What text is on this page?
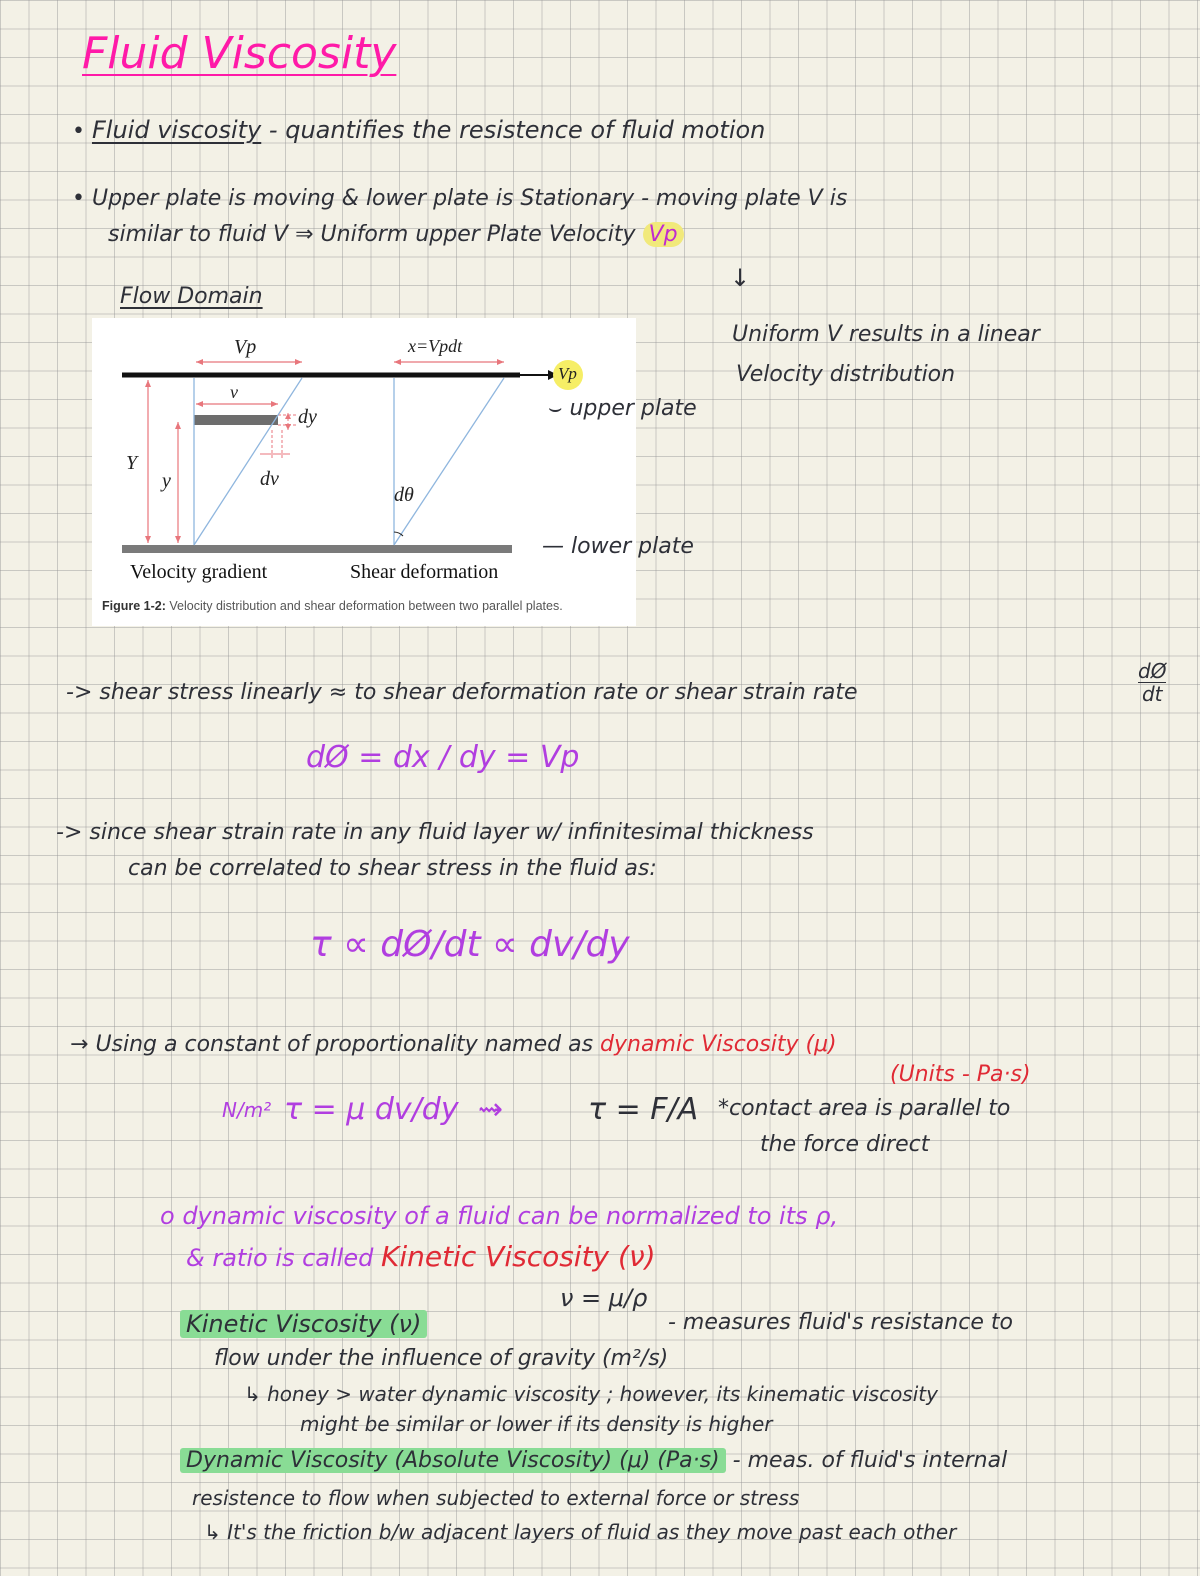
Fluid Viscosity
• Fluid viscosity - quantifies the resistence of fluid motion
• Upper plate is moving & lower plate is Stationary - moving plate V is
similar to fluid V ⇒ Uniform upper Plate Velocity Vp
Flow Domain
↓
Uniform V results in a linear
Velocity distribution
Vp	x=Vpdt
v
dy
Y
y	dv
dθ
Vp
Velocity gradient	Shear deformation
Figure 1-2: Velocity distribution and shear deformation between two parallel plates.
⌣ upper plate
— lower plate
-> shear stress linearly ≈ to shear deformation rate or shear strain rate	$\frac{dØ}{dt}$
dØ = dx / dy = Vp
-> since shear strain rate in any fluid layer w/ infinitesimal thickness
can be correlated to shear stress in the fluid as:
τ ∝ dØ/dt ∝ dv/dy
→ Using a constant of proportionality named as dynamic Viscosity (μ)
(Units - Pa·s)
N/m² τ = μ dv/dy ⇝	τ = F/A *contact area is parallel to
the force direct
o dynamic viscosity of a fluid can be normalized to its ρ,
& ratio is called Kinetic Viscosity (ν)
Kinetic Viscosity (ν)
ν = μ/ρ
- measures fluid's resistance to
flow under the influence of gravity (m²/s)
↳ honey > water dynamic viscosity ; however, its kinematic viscosity
might be similar or lower if its density is higher
Dynamic Viscosity (Absolute Viscosity) (μ) (Pa·s) - meas. of fluid's internal
resistence to flow when subjected to external force or stress
↳ It's the friction b/w adjacent layers of fluid as they move past each other
